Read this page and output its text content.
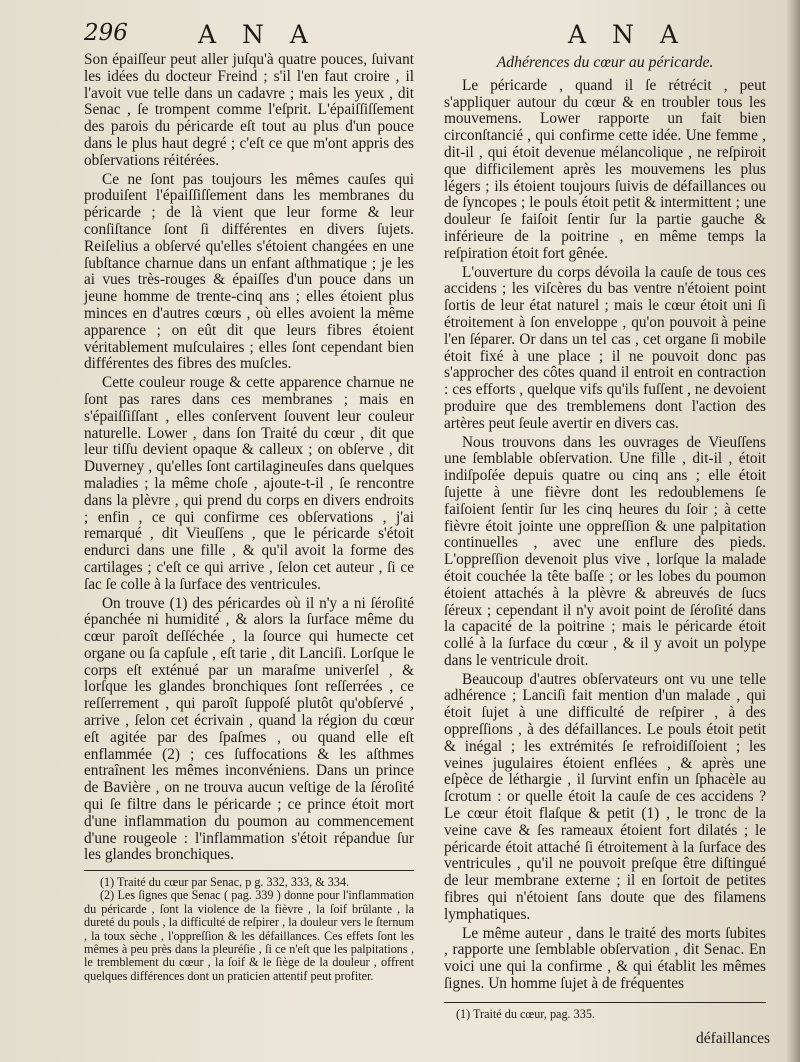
296	A N A	A N A

Son épaiſſeur peut aller juſqu'à quatre pouces, ſuivant les idées du docteur Freind ; s'il l'en faut croire , il l'avoit vue telle dans un cadavre ; mais les yeux , dit Senac , ſe trompent comme l'eſprit. L'épaiſſiſſement des parois du péricarde eſt tout au plus d'un pouce dans le plus haut degré ; c'eſt ce que m'ont appris des obſervations réitérées.

Ce ne ſont pas toujours les mêmes cauſes qui produiſent l'épaiſſiſſement dans les membranes du péricarde ; de là vient que leur forme & leur conſiſtance ſont ſi différentes en divers ſujets. Reiſelius a obſervé qu'elles s'étoient changées en une ſubſtance charnue dans un enfant aſthmatique ; je les ai vues très-rouges & épaiſſes d'un pouce dans un jeune homme de trente-cinq ans ; elles étoient plus minces en d'autres cœurs , où elles avoient la même apparence ; on eût dit que leurs fibres étoient véritablement muſculaires ; elles ſont cependant bien différentes des fibres des muſcles.

Cette couleur rouge & cette apparence charnue ne ſont pas rares dans ces membranes ; mais en s'épaiſſiſſant , elles conſervent ſouvent leur couleur naturelle. Lower , dans ſon Traité du cœur , dit que leur tiſſu devient opaque & calleux ; on obſerve , dit Duverney , qu'elles ſont cartilagineuſes dans quelques maladies ; la même choſe , ajoute-t-il , ſe rencontre dans la plèvre , qui prend du corps en divers endroits ; enfin , ce qui confirme ces obſervations , j'ai remarqué , dit Vieuſſens , que le péricarde s'étoit endurci dans une fille , & qu'il avoit la forme des cartilages ; c'eſt ce qui arrive , ſelon cet auteur , ſi ce ſac ſe colle à la ſurface des ventricules.

On trouve (1) des péricardes où il n'y a ni ſéroſité épanchée ni humidité , & alors la ſurface même du cœur paroît deſſéchée , la ſource qui humecte cet organe ou ſa capſule , eſt tarie , dit Lanciſi. Lorſque le corps eſt exténué par un maraſme univerſel , & lorſque les glandes bronchiques ſont reſſerrées , ce reſſerrement , qui paroît ſuppoſé plutôt qu'obſervé , arrive , ſelon cet écrivain , quand la région du cœur eſt agitée par des ſpaſmes , ou quand elle eſt enflammée (2) ; ces ſuffocations & les aſthmes entraînent les mêmes inconvéniens. Dans un prince de Bavière , on ne trouva aucun veſtige de la ſéroſité qui ſe filtre dans le péricarde ; ce prince étoit mort d'une inflammation du poumon au commencement d'une rougeole : l'inflammation s'étoit répandue ſur les glandes bronchiques.

(1) Traité du cœur par Senac, p g. 332, 333, & 334.

(2) Les ſignes que Senac ( pag. 339 ) donne pour l'inflammation du péricarde , ſont la violence de la fièvre , la ſoif brûlante , la dureté du pouls , la difficulté de reſpirer , la douleur vers le ſternum , la toux sèche , l'oppreſſion & les défaillances. Ces effets ſont les mêmes à peu près dans la pleuréſie , ſi ce n'eſt que les palpitations , le tremblement du cœur , la ſoif & le ſiège de la douleur , offrent quelques différences dont un praticien attentif peut profiter.

Adhérences du cœur au péricarde.

Le péricarde , quand il ſe rétrécit , peut s'appliquer autour du cœur & en troubler tous les mouvemens. Lower rapporte un fait bien circonſtancié , qui confirme cette idée. Une femme , dit-il , qui étoit devenue mélancolique , ne reſpiroit que difficilement après les mouvemens les plus légers ; ils étoient toujours ſuivis de défaillances ou de ſyncopes ; le pouls étoit petit & intermittent ; une douleur ſe faiſoit ſentir ſur la partie gauche & inférieure de la poitrine , en même temps la reſpiration étoit fort gênée.

L'ouverture du corps dévoila la cauſe de tous ces accidens ; les viſcères du bas ventre n'étoient point ſortis de leur état naturel ; mais le cœur étoit uni ſi étroitement à ſon enveloppe , qu'on pouvoit à peine l'en ſéparer. Or dans un tel cas , cet organe ſi mobile étoit fixé à une place ; il ne pouvoit donc pas s'approcher des côtes quand il entroit en contraction : ces efforts , quelque vifs qu'ils fuſſent , ne devoient produire que des tremblemens dont l'action des artères peut ſeule avertir en divers cas.

Nous trouvons dans les ouvrages de Vieuſſens une ſemblable obſervation. Une fille , dit-il , étoit indiſpoſée depuis quatre ou cinq ans ; elle étoit ſujette à une fièvre dont les redoublemens ſe faiſoient ſentir ſur les cinq heures du ſoir ; à cette fièvre étoit jointe une oppreſſion & une palpitation continuelles , avec une enflure des pieds. L'oppreſſion devenoit plus vive , lorſque la malade étoit couchée la tête baſſe ; or les lobes du poumon étoient attachés à la plèvre & abreuvés de ſucs ſéreux ; cependant il n'y avoit point de ſéroſité dans la capacité de la poitrine ; mais le péricarde étoit collé à la ſurface du cœur , & il y avoit un polype dans le ventricule droit.

Beaucoup d'autres obſervateurs ont vu une telle adhérence ; Lanciſi fait mention d'un malade , qui étoit ſujet à une difficulté de reſpirer , à des oppreſſions , à des défaillances. Le pouls étoit petit & inégal ; les extrémités ſe refroidiſſoient ; les veines jugulaires étoient enflées , & après une eſpèce de léthargie , il ſurvint enfin un ſphacèle au ſcrotum : or quelle étoit la cauſe de ces accidens ? Le cœur étoit flaſque & petit (1) , le tronc de la veine cave & ſes rameaux étoient fort dilatés ; le péricarde étoit attaché ſi étroitement à la ſurface des ventricules , qu'il ne pouvoit preſque être diſtingué de leur membrane externe ; il en ſortoit de petites fibres qui n'étoient ſans doute que des filamens lymphatiques.

Le même auteur , dans le traité des morts ſubites , rapporte une ſemblable obſervation , dit Senac. En voici une qui la confirme , & qui établit les mêmes ſignes. Un homme ſujet à de fréquentes

(1) Traité du cœur, pag. 335.
défaillances
